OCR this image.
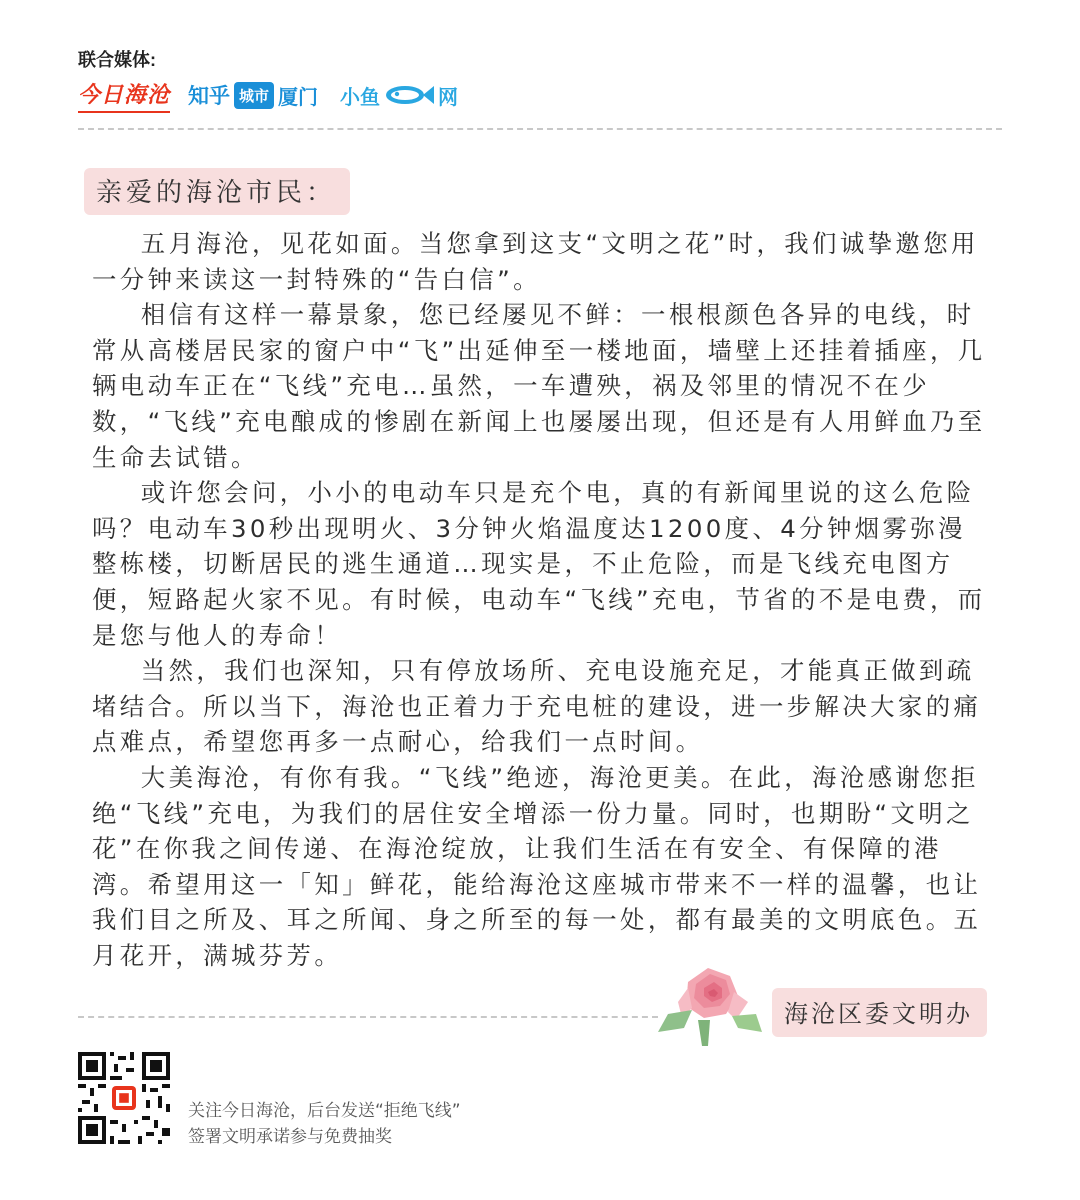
联合媒体:
今日海沧 知乎 城市 厦门 小鱼	网
亲爱的海沧市民：

五月海沧，见花如面。当您拿到这支“文明之花”时，我们诚挚邀您用一分钟来读这一封特殊的“告白信”。

相信有这样一幕景象，您已经屡见不鲜：一根根颜色各异的电线，时常从高楼居民家的窗户中“飞”出延伸至一楼地面，墙壁上还挂着插座，几辆电动车正在“飞线”充电…虽然，一车遭殃，祸及邻里的情况不在少数，“飞线”充电酿成的惨剧在新闻上也屡屡出现，但还是有人用鲜血乃至生命去试错。

或许您会问，小小的电动车只是充个电，真的有新闻里说的这么危险吗？电动车30秒出现明火、3分钟火焰温度达1200度、4分钟烟雾弥漫整栋楼，切断居民的逃生通道…现实是，不止危险，而是飞线充电图方便，短路起火家不见。有时候，电动车“飞线”充电，节省的不是电费，而是您与他人的寿命！

当然，我们也深知，只有停放场所、充电设施充足，才能真正做到疏堵结合。所以当下，海沧也正着力于充电桩的建设，进一步解决大家的痛点难点，希望您再多一点耐心，给我们一点时间。

大美海沧，有你有我。“飞线”绝迹，海沧更美。在此，海沧感谢您拒绝“飞线”充电，为我们的居住安全增添一份力量。同时，也期盼“文明之花”在你我之间传递、在海沧绽放，让我们生活在有安全、有保障的港湾。希望用这一「知」鲜花，能给海沧这座城市带来不一样的温馨，也让我们目之所及、耳之所闻、身之所至的每一处，都有最美的文明底色。五月花开，满城芬芳。

海沧区委文明办
关注今日海沧，后台发送“拒绝飞线”
签署文明承诺参与免费抽奖
